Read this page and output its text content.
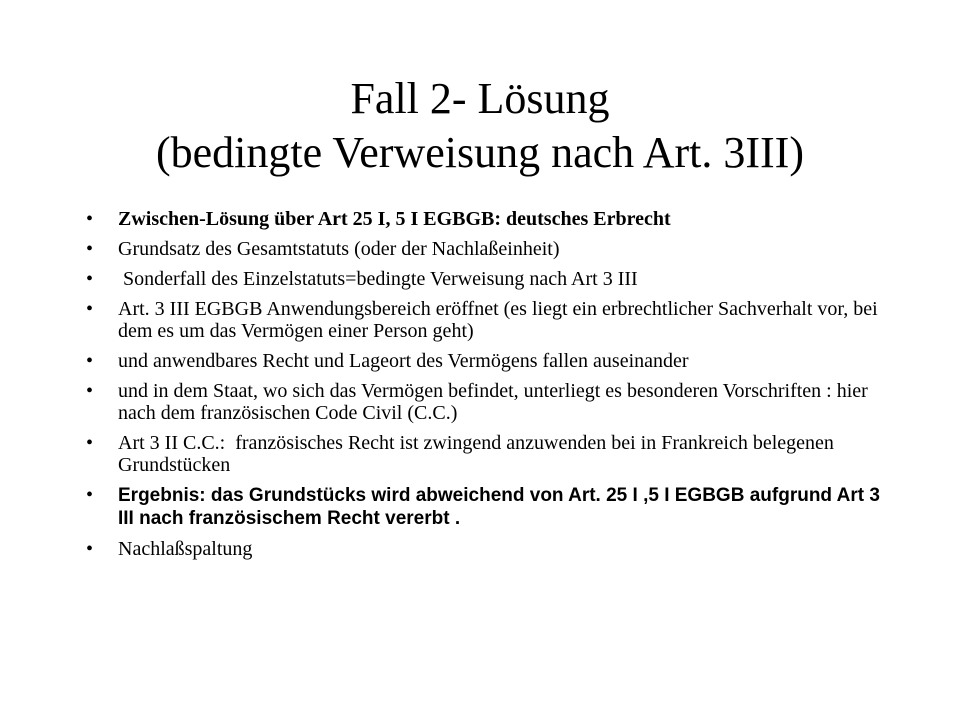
Fall 2- Lösung
(bedingte Verweisung nach Art. 3III)
• Zwischen-Lösung über Art 25 I, 5 I EGBGB: deutsches Erbrecht
• Grundsatz des Gesamtstatuts (oder der Nachlaßeinheit)
• Sonderfall des Einzelstatuts=bedingte Verweisung nach Art 3 III
• Art. 3 III EGBGB Anwendungsbereich eröffnet (es liegt ein erbrechtlicher Sachverhalt vor, bei dem es um das Vermögen einer Person geht)
• und anwendbares Recht und Lageort des Vermögens fallen auseinander
• und in dem Staat, wo sich das Vermögen befindet, unterliegt es besonderen Vorschriften : hier nach dem französischen Code Civil (C.C.)
• Art 3 II C.C.:  französisches Recht ist zwingend anzuwenden bei in Frankreich belegenen Grundstücken
• Ergebnis: das Grundstücks wird abweichend von Art. 25 I ,5 I EGBGB aufgrund Art 3 III nach französischem Recht vererbt .
• Nachlaßspaltung
